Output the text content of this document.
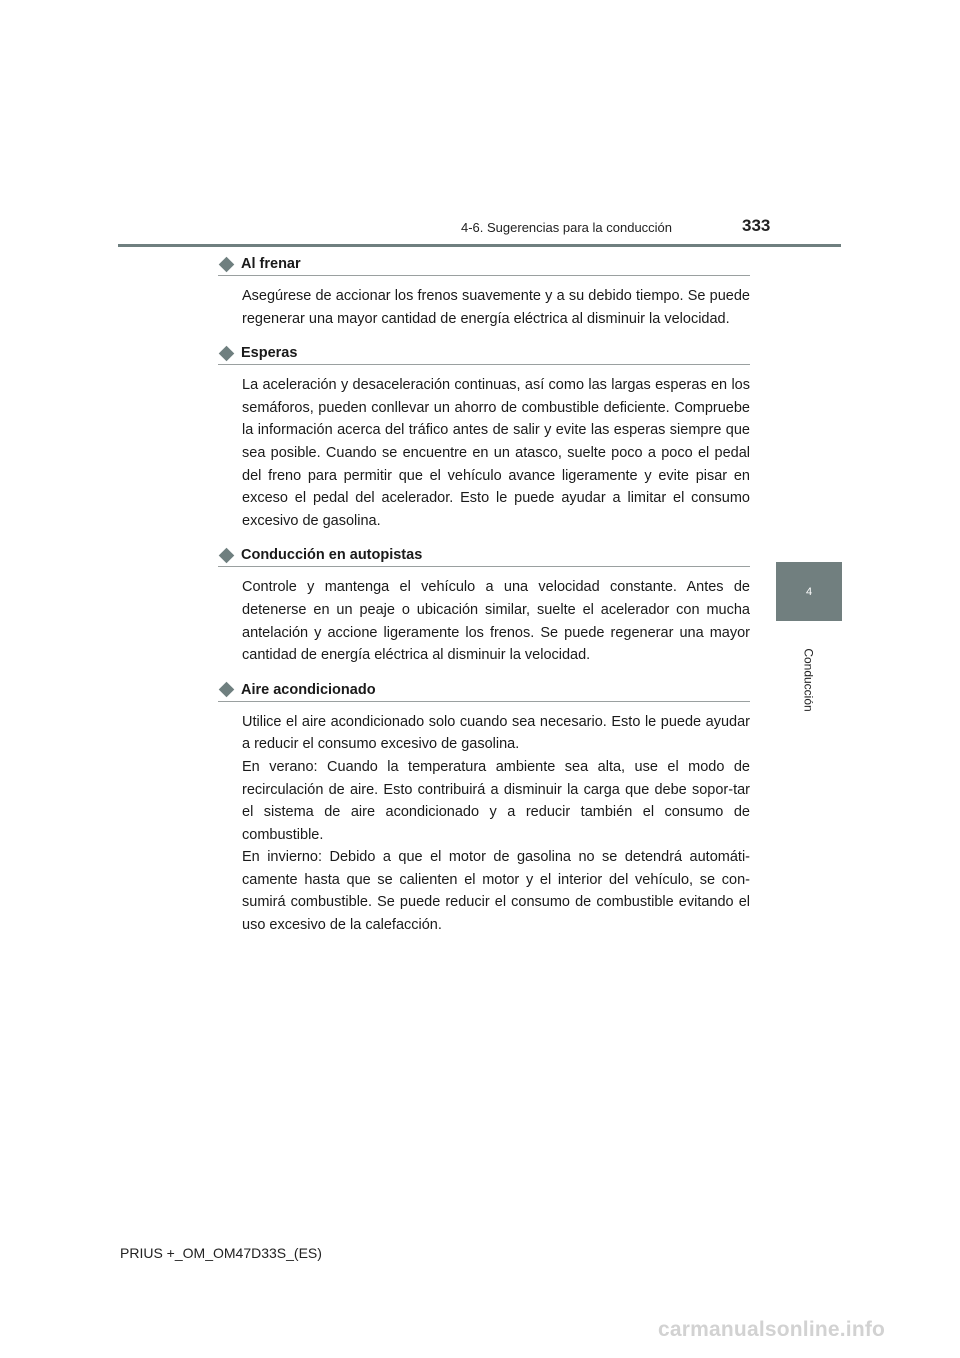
4-6. Sugerencias para la conducción	333
4
Conducción
Al frenar

Asegúrese de accionar los frenos suavemente y a su debido tiempo. Se puede regenerar una mayor cantidad de energía eléctrica al disminuir la velocidad.

Esperas

La aceleración y desaceleración continuas, así como las largas esperas en los semáforos, pueden conllevar un ahorro de combustible deficiente. Compruebe la información acerca del tráfico antes de salir y evite las esperas siempre que sea posible. Cuando se encuentre en un atasco, suelte poco a poco el pedal del freno para permitir que el vehículo avance ligeramente y evite pisar en exceso el pedal del acelerador. Esto le puede ayudar a limitar el consumo excesivo de gasolina.

Conducción en autopistas

Controle y mantenga el vehículo a una velocidad constante. Antes de detenerse en un peaje o ubicación similar, suelte el acelerador con mucha antelación y accione ligeramente los frenos. Se puede regenerar una mayor cantidad de energía eléctrica al disminuir la velocidad.

Aire acondicionado

Utilice el aire acondicionado solo cuando sea necesario. Esto le puede ayudar a reducir el consumo excesivo de gasolina.

En verano: Cuando la temperatura ambiente sea alta, use el modo de recirculación de aire. Esto contribuirá a disminuir la carga que debe sopor-tar el sistema de aire acondicionado y a reducir también el consumo de combustible.

En invierno: Debido a que el motor de gasolina no se detendrá automáti-camente hasta que se calienten el motor y el interior del vehículo, se con-sumirá combustible. Se puede reducir el consumo de combustible evitando el uso excesivo de la calefacción.

PRIUS +_OM_OM47D33S_(ES)
carmanualsonline.info
